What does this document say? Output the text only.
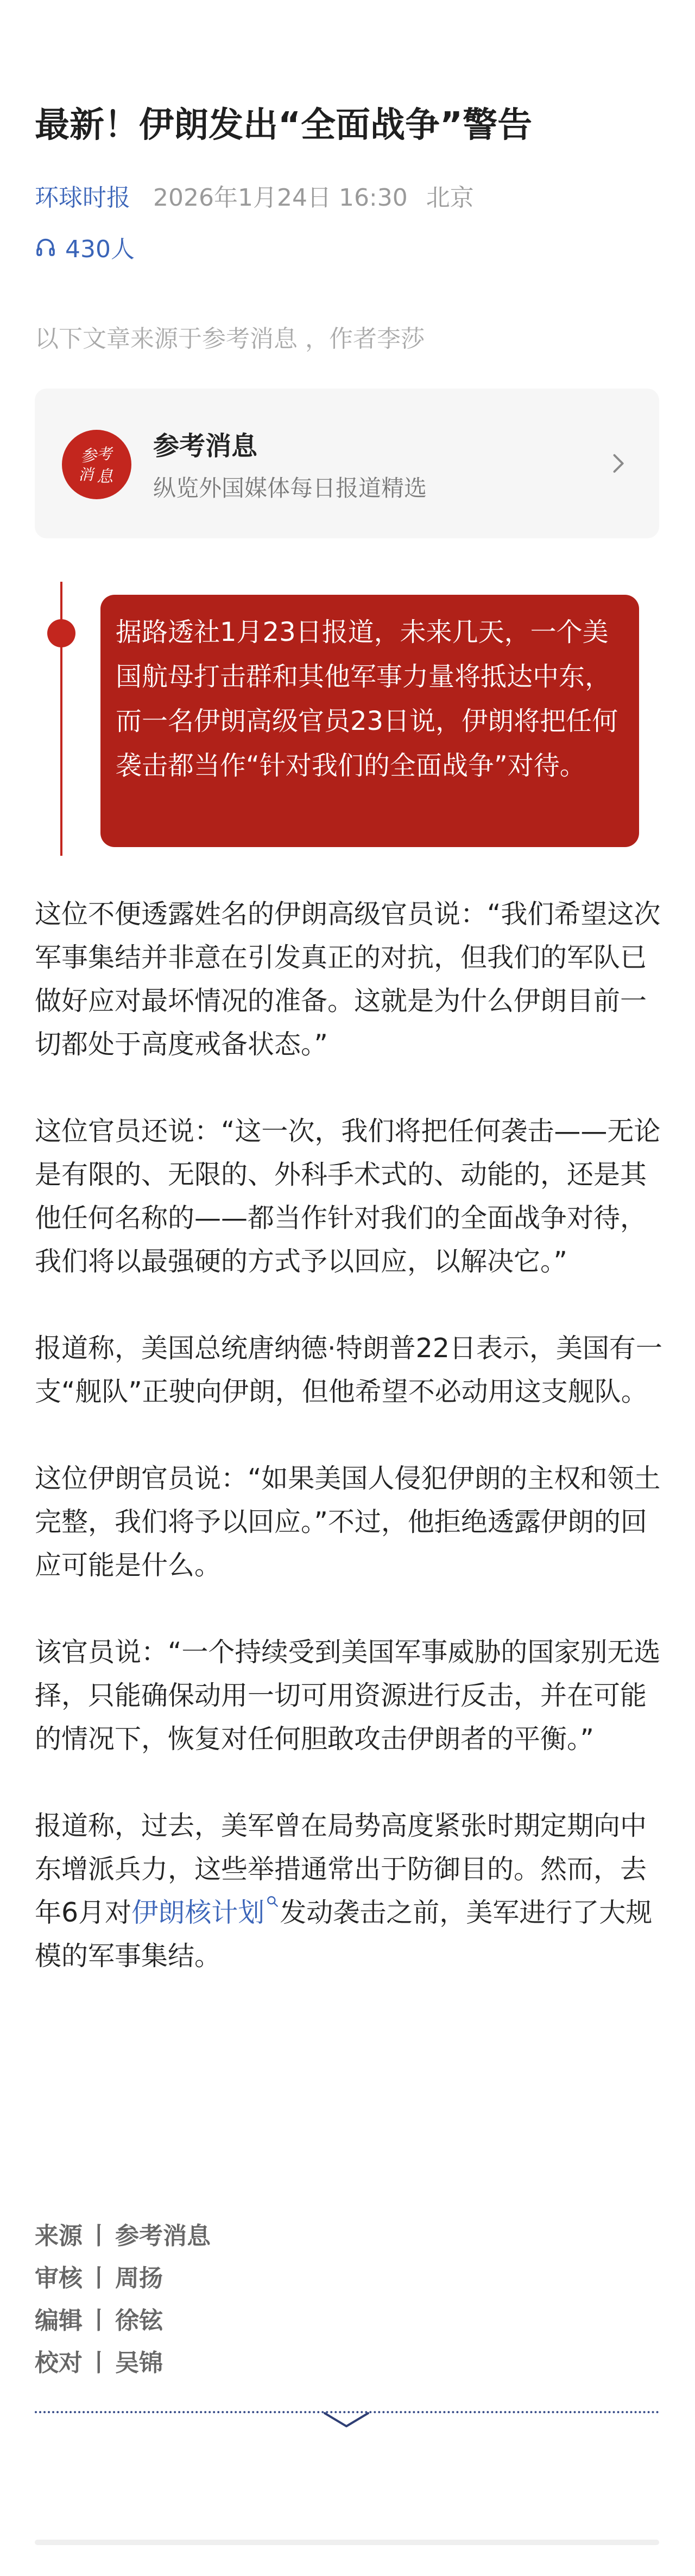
最新！伊朗发出“全面战争”警告
环球时报 2026年1月24日 16:30 北京
430人
以下文章来源于参考消息 ，作者李莎
参 考
消 息
参考消息
纵览外国媒体每日报道精选

据路透社1月23日报道，未来几天，一个美国航母打击群和其他军事力量将抵达中东，而一名伊朗高级官员23日说，伊朗将把任何袭击都当作“针对我们的全面战争”对待。

这位不便透露姓名的伊朗高级官员说：“我们希望这次军事集结并非意在引发真正的对抗，但我们的军队已做好应对最坏情况的准备。这就是为什么伊朗目前一切都处于高度戒备状态。”

这位官员还说：“这一次，我们将把任何袭击——无论是有限的、无限的、外科手术式的、动能的，还是其他任何名称的——都当作针对我们的全面战争对待，我们将以最强硬的方式予以回应，以解决它。”

报道称，美国总统唐纳德·特朗普22日表示，美国有一支“舰队”正驶向伊朗，但他希望不必动用这支舰队。

这位伊朗官员说：“如果美国人侵犯伊朗的主权和领土完整，我们将予以回应。”不过，他拒绝透露伊朗的回应可能是什么。

该官员说：“一个持续受到美国军事威胁的国家别无选择，只能确保动用一切可用资源进行反击，并在可能的情况下，恢复对任何胆敢攻击伊朗者的平衡。”

报道称，过去，美军曾在局势高度紧张时期定期向中东增派兵力，这些举措通常出于防御目的。然而，去年6月对伊朗核计划 发动袭击之前，美军进行了大规模的军事集结。

来源 丨 参考消息
审核 丨 周扬
编辑 丨 徐铉
校对 丨 吴锦
